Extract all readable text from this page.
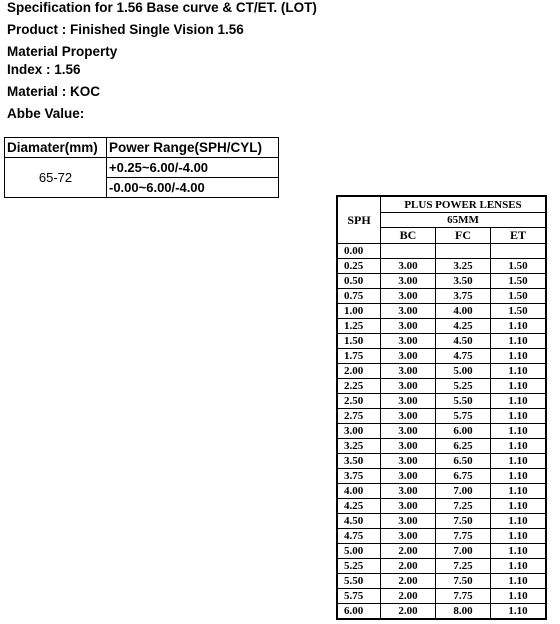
Specification for 1.56 Base curve & CT/ET. (LOT)
Product : Finished Single Vision 1.56
Material Property
Index : 1.56
Material : KOC
Abbe Value:
Diamater(mm)	Power Range(SPH/CYL)
65-72	+0.25~6.00/-4.00
	-0.00~6.00/-4.00
SPH	PLUS POWER LENSES		
	65MM		
	BC	FC	ET
0.00			
0.25	3.00	3.25	1.50
0.50	3.00	3.50	1.50
0.75	3.00	3.75	1.50
1.00	3.00	4.00	1.50
1.25	3.00	4.25	1.10
1.50	3.00	4.50	1.10
1.75	3.00	4.75	1.10
2.00	3.00	5.00	1.10
2.25	3.00	5.25	1.10
2.50	3.00	5.50	1.10
2.75	3.00	5.75	1.10
3.00	3.00	6.00	1.10
3.25	3.00	6.25	1.10
3.50	3.00	6.50	1.10
3.75	3.00	6.75	1.10
4.00	3.00	7.00	1.10
4.25	3.00	7.25	1.10
4.50	3.00	7.50	1.10
4.75	3.00	7.75	1.10
5.00	2.00	7.00	1.10
5.25	2.00	7.25	1.10
5.50	2.00	7.50	1.10
5.75	2.00	7.75	1.10
6.00	2.00	8.00	1.10
